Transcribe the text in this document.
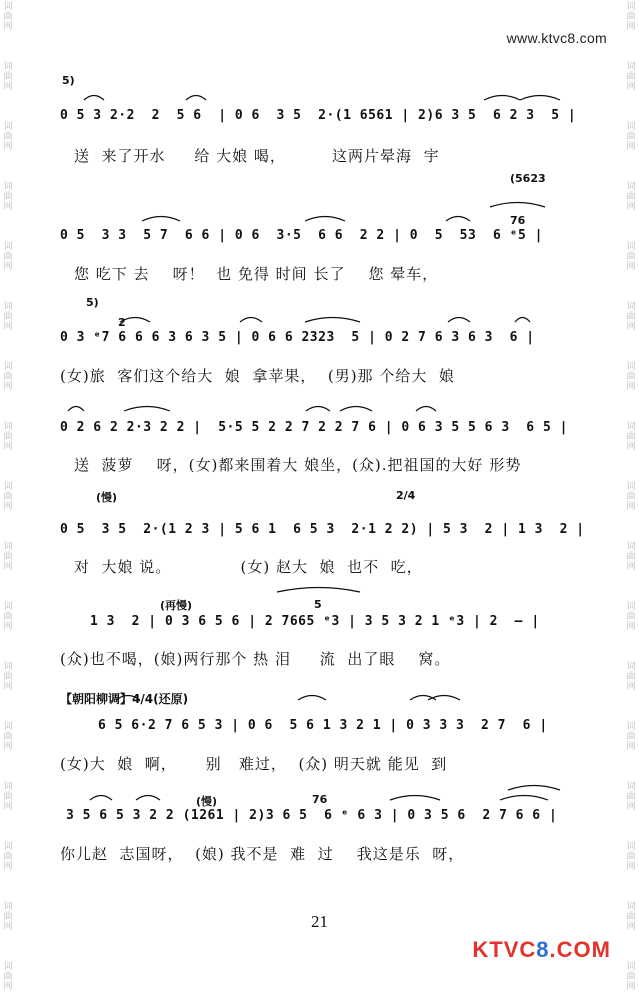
词
曲
网
词
曲
网
词
曲
网
词
曲
网
词
曲
网
词
曲
网
词
曲
网
词
曲
网
词
曲
网
词
曲
网
词
曲
网
词
曲
网
词
曲
网
词
曲
网
词
曲
网
词
曲
网
词
曲
网
词
曲
网
词
曲
网
词
曲
网
词
曲
网
词
曲
网
词
曲
网
词
曲
网
词
曲
网
词
曲
网
词
曲
网
词
曲
网
词
曲
网
词
曲
网
词
曲
网
词
曲
网
词
曲
网
词
曲
网
www.ktvc8.com
5)
0 5 3 2·2  2  5 6  | 0 6  3 5  2·(1 6561 | 2)6 3 5  6 2 3  5 |
送  来了开水     给 大娘 喝，        这两片晕海  宇
(5623
76
0 5  3 3  5 7  6 6 | 0 6  3·5  6 6  2 2 | 0  5  53  6 ᵉ5 |
您 吃下 去    呀！  也 免得 时间 长了    您 晕车，
5)
2
0 3 ᵉ7 6 6 6 3 6 3 5 | 0 6 6 2323  5 | 0 2 7 6 3 6 3  6 |
(女)旅  客们这个给大  娘  拿苹果，  (男)那 个给大  娘
0 2 6 2 2·3 2 2 |  5·5 5 2 2 7 2 2 7 6 | 0 6 3 5 5 6 3  6 5 |
送  菠萝    呀，(女)都来围着大 娘坐，(众).把祖国的大好 形势
(慢)	2/4
0 5  3 5  2·(1 2 3 | 5 6 1  6 5 3  2·1 2 2) | 5 3  2 | 1 3  2 |
对  大娘 说。            (女) 赵大  娘  也不  吃，
(再慢)	5
1 3  2 | 0 3 6 5 6 | 2 7665 ᵉ3 | 3 5 3 2 1 ᵉ3 | 2  — |
(众)也不喝，(娘)两行那个 热 泪     流  出了眼    窝。
【朝阳柳调】4/4(还原)
6 5 6·2 7 6 5 3 | 0 6  5 6 1 3 2 1 | 0 3 3 3  2 7  6 |
(女)大  娘  啊，     别   难过，  (众) 明天就 能见  到
(慢)	76
3 5 6 5 3 2 2 (1261 | 2)3 6 5  6 ᵉ 6 3 | 0 3 5 6  2 7 6 6 |
你儿赵  志国呀，  (娘) 我不是  难  过    我这是乐  呀，
21
KTVC8.COM
